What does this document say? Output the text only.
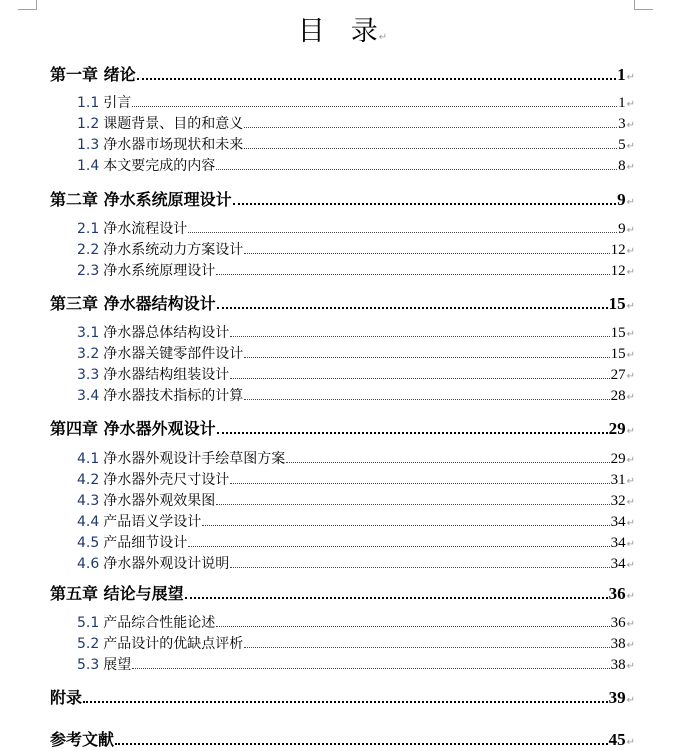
目 录↵
第一章 绪论	1 ↵
1.1 引言	1 ↵
1.2 课题背景、目的和意义	3 ↵
1.3 净水器市场现状和未来	5 ↵
1.4 本文要完成的内容	8 ↵
第二章 净水系统原理设计	9 ↵
2.1 净水流程设计	9 ↵
2.2 净水系统动力方案设计	12 ↵
2.3 净水系统原理设计	12 ↵
第三章 净水器结构设计	15 ↵
3.1 净水器总体结构设计	15 ↵
3.2 净水器关键零部件设计	15 ↵
3.3 净水器结构组装设计	27 ↵
3.4 净水器技术指标的计算	28 ↵
第四章 净水器外观设计	29 ↵
4.1 净水器外观设计手绘草图方案	29 ↵
4.2 净水器外壳尺寸设计	31 ↵
4.3 净水器外观效果图	32 ↵
4.4 产品语义学设计	34 ↵
4.5 产品细节设计	34 ↵
4.6 净水器外观设计说明	34 ↵
第五章 结论与展望	36 ↵
5.1 产品综合性能论述	36 ↵
5.2 产品设计的优缺点评析	38 ↵
5.3 展望	38 ↵
附录	39 ↵
参考文献	45 ↵
